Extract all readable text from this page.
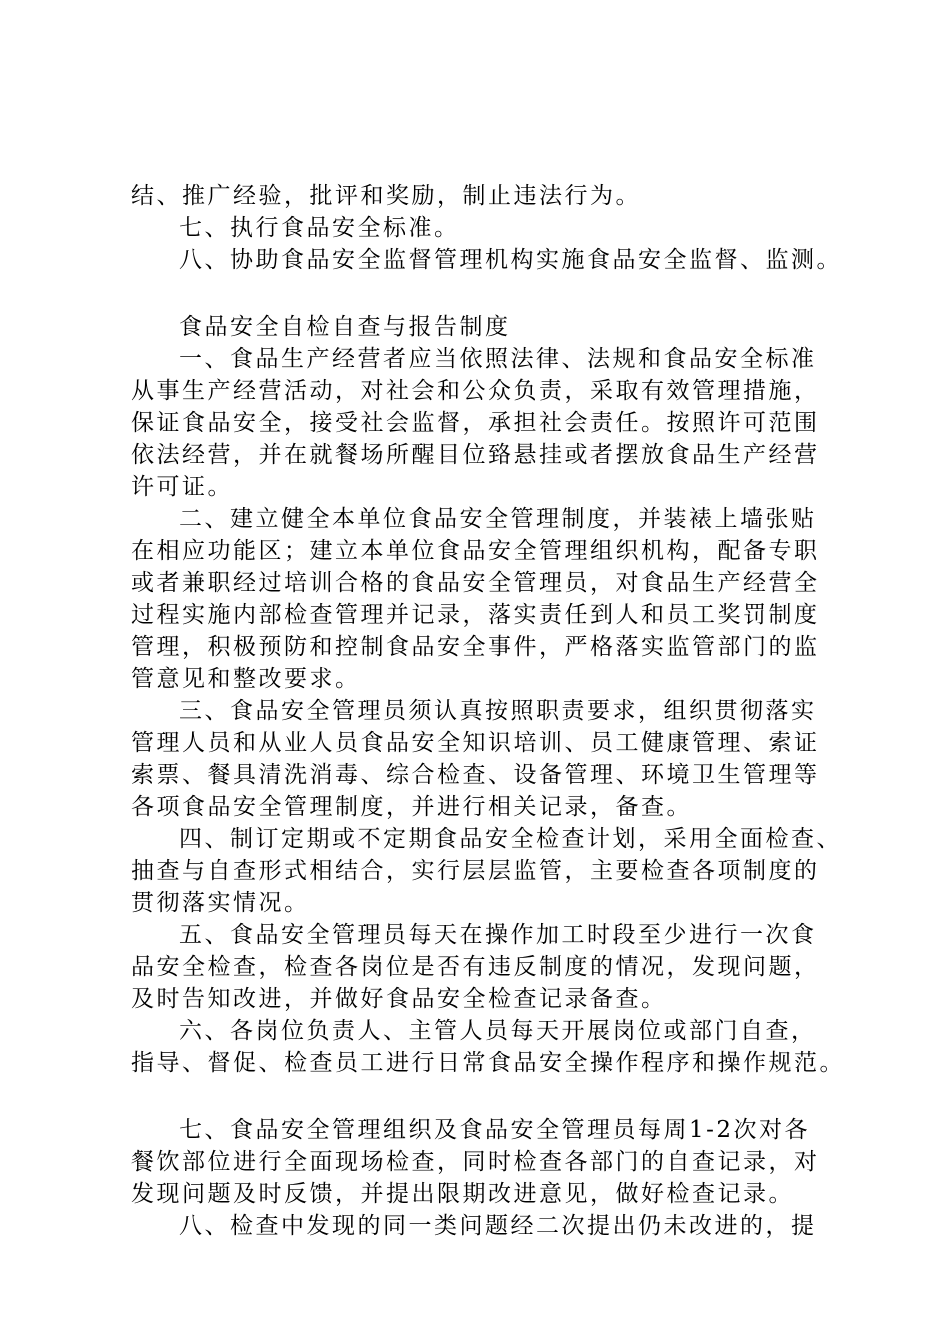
结、推广经验，批评和奖励，制止违法行为。
七、执行食品安全标准。
八、协助食品安全监督管理机构实施食品安全监督、监测。
食品安全自检自查与报告制度
一、食品生产经营者应当依照法律、法规和食品安全标准
从事生产经营活动，对社会和公众负责，采取有效管理措施，
保证食品安全，接受社会监督，承担社会责任。按照许可范围
依法经营，并在就餐场所醒目位臵悬挂或者摆放食品生产经营
许可证。
二、建立健全本单位食品安全管理制度，并装裱上墙张贴
在相应功能区；建立本单位食品安全管理组织机构，配备专职
或者兼职经过培训合格的食品安全管理员，对食品生产经营全
过程实施内部检查管理并记录，落实责任到人和员工奖罚制度
管理，积极预防和控制食品安全事件，严格落实监管部门的监
管意见和整改要求。
三、食品安全管理员须认真按照职责要求，组织贯彻落实
管理人员和从业人员食品安全知识培训、员工健康管理、索证
索票、餐具清洗消毒、综合检查、设备管理、环境卫生管理等
各项食品安全管理制度，并进行相关记录，备查。
四、制订定期或不定期食品安全检查计划，采用全面检查、
抽查与自查形式相结合，实行层层监管，主要检查各项制度的
贯彻落实情况。
五、食品安全管理员每天在操作加工时段至少进行一次食
品安全检查，检查各岗位是否有违反制度的情况，发现问题，
及时告知改进，并做好食品安全检查记录备查。
六、各岗位负责人、主管人员每天开展岗位或部门自查，
指导、督促、检查员工进行日常食品安全操作程序和操作规范。
七、食品安全管理组织及食品安全管理员每周1-2次对各
餐饮部位进行全面现场检查，同时检查各部门的自查记录，对
发现问题及时反馈，并提出限期改进意见，做好检查记录。
八、检查中发现的同一类问题经二次提出仍未改进的，提
